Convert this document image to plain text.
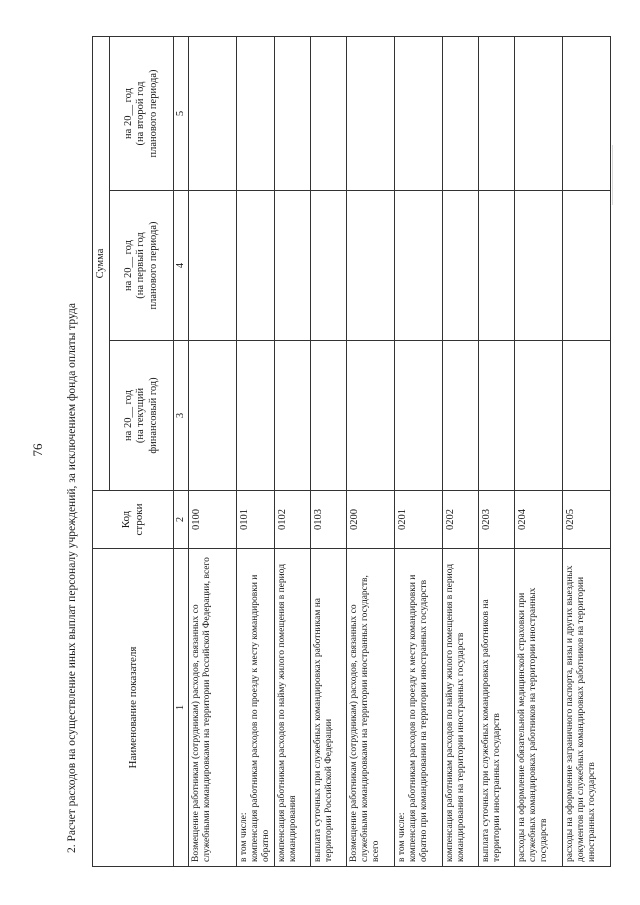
76 2. Расчет расходов на осуществление иных выплат персоналу учреждений, за исключением фонда оплаты труда	Наименование показателя	Код строки	Сумма		

		на 20__ год (на текущий финансовый год)	на 20__ год (на первый год планового периода)	на 20__ год (на второй год планового периода)

1	2	3	4	5
Возмещение работникам (сотрудникам) расходов, связанных со служебными командировками на территории Российской Федерации, всего	0100			

в том числе: компенсация работникам расходов по проезду к месту командировки и обратно	0101			
компенсация работникам расходов по найму жилого помещения в период командирования	0102			
выплата суточных при служебных командировках работникам на территории Российской Федерации	0103			
Возмещение работникам (сотрудникам) расходов, связанных со служебными командировками на территории иностранных государств, всего	0200			

в том числе: компенсация работникам расходов по проезду к месту командировки и обратно при командировании на территории иностранных государств	0201			
компенсация работникам расходов по найму жилого помещения в период командирования на территории иностранных государств	0202			
выплата суточных при служебных командировках работников на территории иностранных государств	0203			
расходы на оформление обязательной медицинской страховки при служебных командировках работников на территории иностранных государств	0204			
расходы на оформление заграничного паспорта, визы и других выездных документов при служебных командировках работников на территории иностранных государств	0205			
